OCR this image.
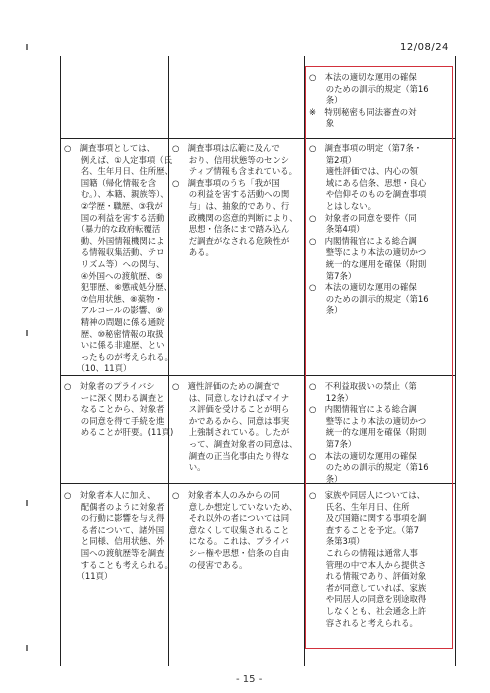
12/08/24
○　本法の適切な運用の確保
　　のための訓示的規定（第16
　　条）
※　特別秘密も同法審査の対
　　象
○　調査事項としては、
　　例えば、①人定事項（氏
　　名、生年月日、住所歴、
　　国籍（帰化情報を含
　　む。）、本籍、親族等）、
　　②学歴・職歴、③我が
　　国の利益を害する活動
　　（暴力的な政府転覆活
　　動、外国情報機関によ
　　る情報収集活動、テロ
　　リズム等）への関与、
　　④外国への渡航歴、⑤
　　犯罪歴、⑥懲戒処分歴、
　　⑦信用状態、⑧薬物・
　　アルコールの影響、⑨
　　精神の問題に係る通院
　　歴、⑩秘密情報の取扱
　　いに係る非違歴、とい
　　ったものが考えられる。
　　（10、11頁）
○　調査事項は広範に及んで
　　おり、信用状態等のセンシ
　　ティブ情報も含まれている。
○　調査事項のうち「我が国
　　の利益を害する活動への関
　　与」は、抽象的であり、行
　　政機関の恣意的判断により、
　　思想・信条にまで踏み込ん
　　だ調査がなされる危険性が
　　ある。
○　調査事項の明定（第7条・
　　第2項）
　　適性評価では、内心の領
　　域にある信条、思想・良心
　　や信仰そのものを調査事項
　　とはしない。
○　対象者の同意を要件（同
　　条第4項）
○　内閣情報官による総合調
　　整等により本法の適切かつ
　　統一的な運用を確保（附則
　　第7条）
○　本法の適切な運用の確保
　　のための訓示的規定（第16
　　条）
○　対象者のプライバシ
　　ーに深く関わる調査と
　　なることから、対象者
　　の同意を得て手続を進
　　めることが肝要。(11頁)
○　適性評価のための調査で
　　は、同意しなければマイナ
　　ス評価を受けることが明ら
　　かであるから、同意は事実
　　上強制されている。したが
　　って、調査対象者の同意は、
　　調査の正当化事由たり得な
　　い。
○　不利益取扱いの禁止（第
　　12条）
○　内閣情報官による総合調
　　整等により本法の適切かつ
　　統一的な運用を確保（附則
　　第7条）
○　本法の適切な運用の確保
　　のための訓示的規定（第16
　　条）
○　対象者本人に加え、
　　配偶者のように対象者
　　の行動に影響を与え得
　　る者について、諸外国
　　と同様、信用状態、外
　　国への渡航歴等を調査
　　することも考えられる。
　　（11頁）
○　対象者本人のみからの同
　　意しか想定していないため、
　　それ以外の者については同
　　意なくして収集されること
　　になる。これは、プライバ
　　シー権や思想・信条の自由
　　の侵害である。
○　家族や同居人については、
　　氏名、生年月日、住所
　　及び国籍に関する事項を調
　　査することを予定。（第7
　　条第3項）
　　これらの情報は通常人事
　　管理の中で本人から提供さ
　　れる情報であり、評価対象
　　者が同意していれば、家族
　　や同居人の同意を別途取得
　　しなくとも、社会通念上許
　　容されると考えられる。
- 15 -
